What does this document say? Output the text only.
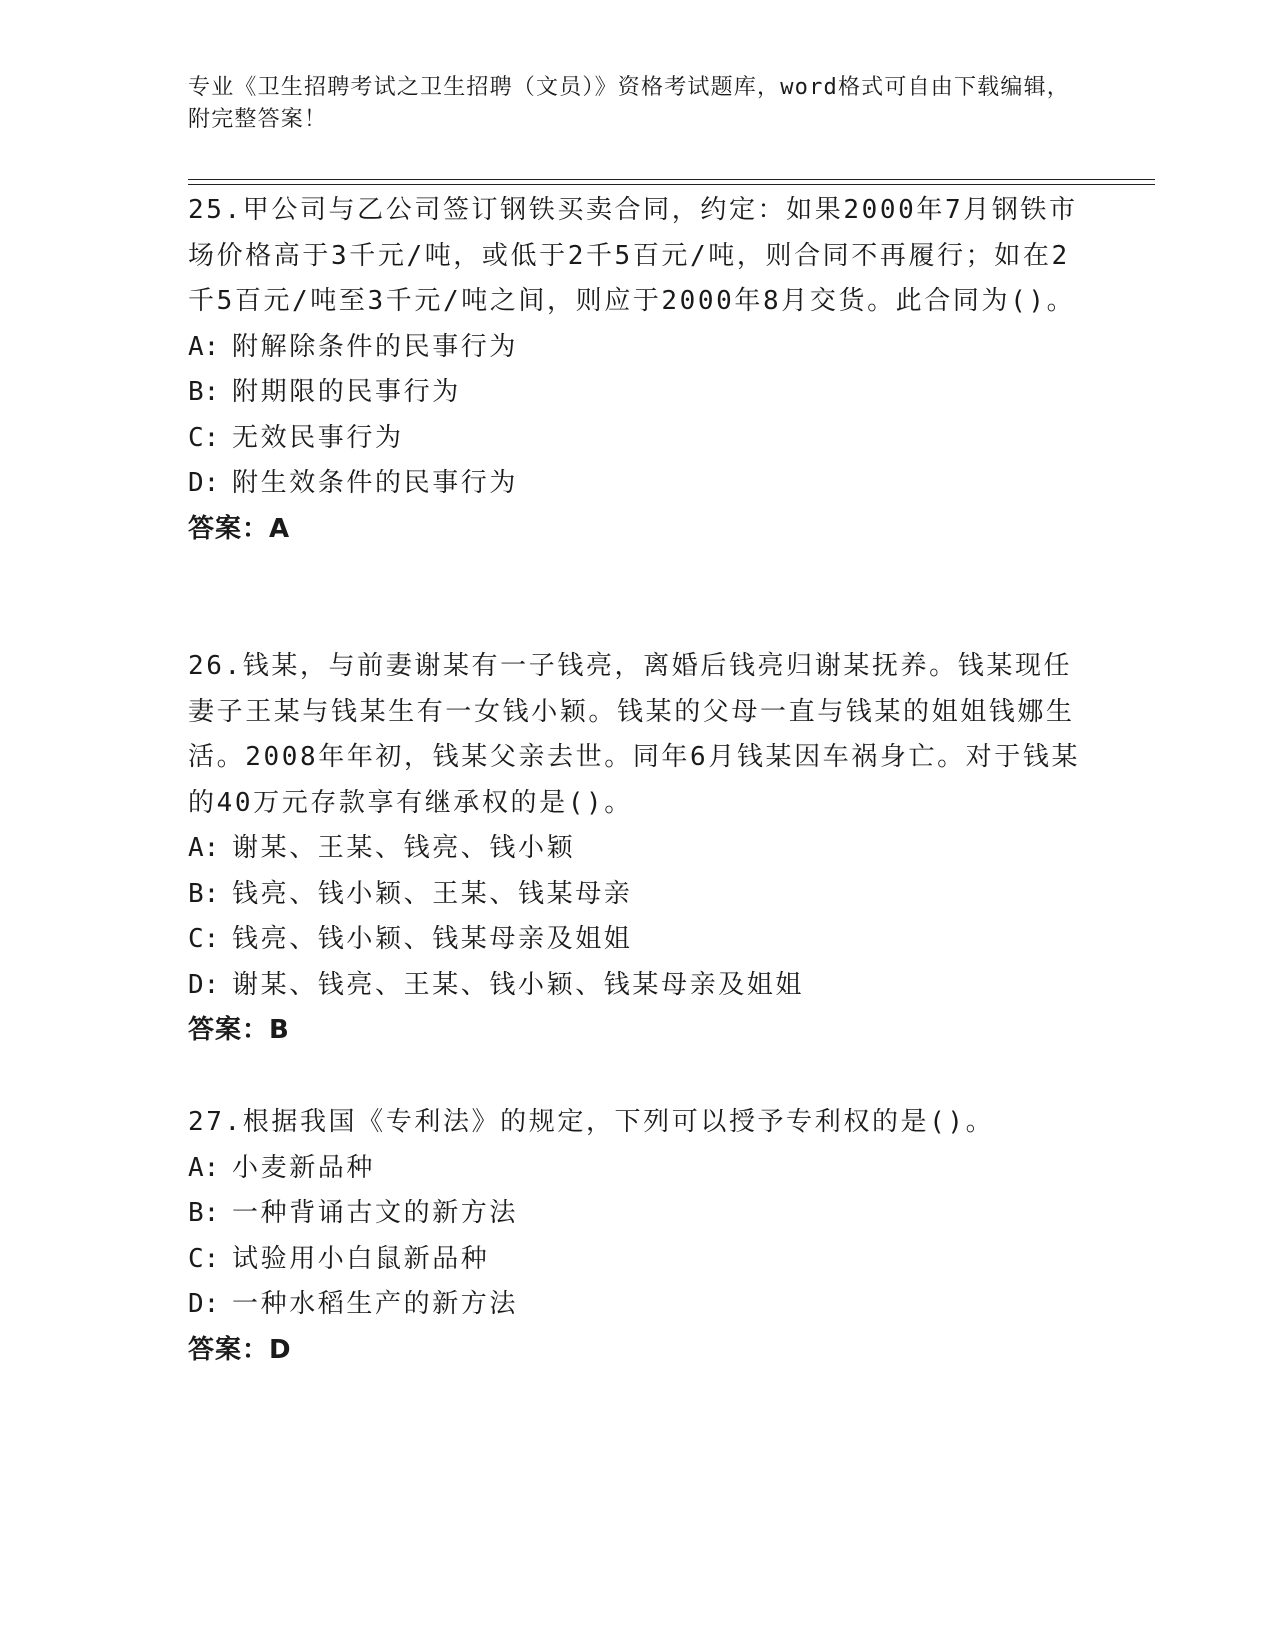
专业《卫生招聘考试之卫生招聘（文员）》资格考试题库，word格式可自由下载编辑，附完整答案！
25.甲公司与乙公司签订钢铁买卖合同，约定：如果2000年7月钢铁市场价格高于3千元/吨，或低于2千5百元/吨，则合同不再履行；如在2千5百元/吨至3千元/吨之间，则应于2000年8月交货。此合同为()。
A: 附解除条件的民事行为
B: 附期限的民事行为
C: 无效民事行为
D: 附生效条件的民事行为
答案：A
26.钱某，与前妻谢某有一子钱亮，离婚后钱亮归谢某抚养。钱某现任妻子王某与钱某生有一女钱小颖。钱某的父母一直与钱某的姐姐钱娜生活。2008年年初，钱某父亲去世。同年6月钱某因车祸身亡。对于钱某的40万元存款享有继承权的是()。
A: 谢某、王某、钱亮、钱小颖
B: 钱亮、钱小颖、王某、钱某母亲
C: 钱亮、钱小颖、钱某母亲及姐姐
D: 谢某、钱亮、王某、钱小颖、钱某母亲及姐姐
答案：B
27.根据我国《专利法》的规定，下列可以授予专利权的是()。
A: 小麦新品种
B: 一种背诵古文的新方法
C: 试验用小白鼠新品种
D: 一种水稻生产的新方法
答案：D
